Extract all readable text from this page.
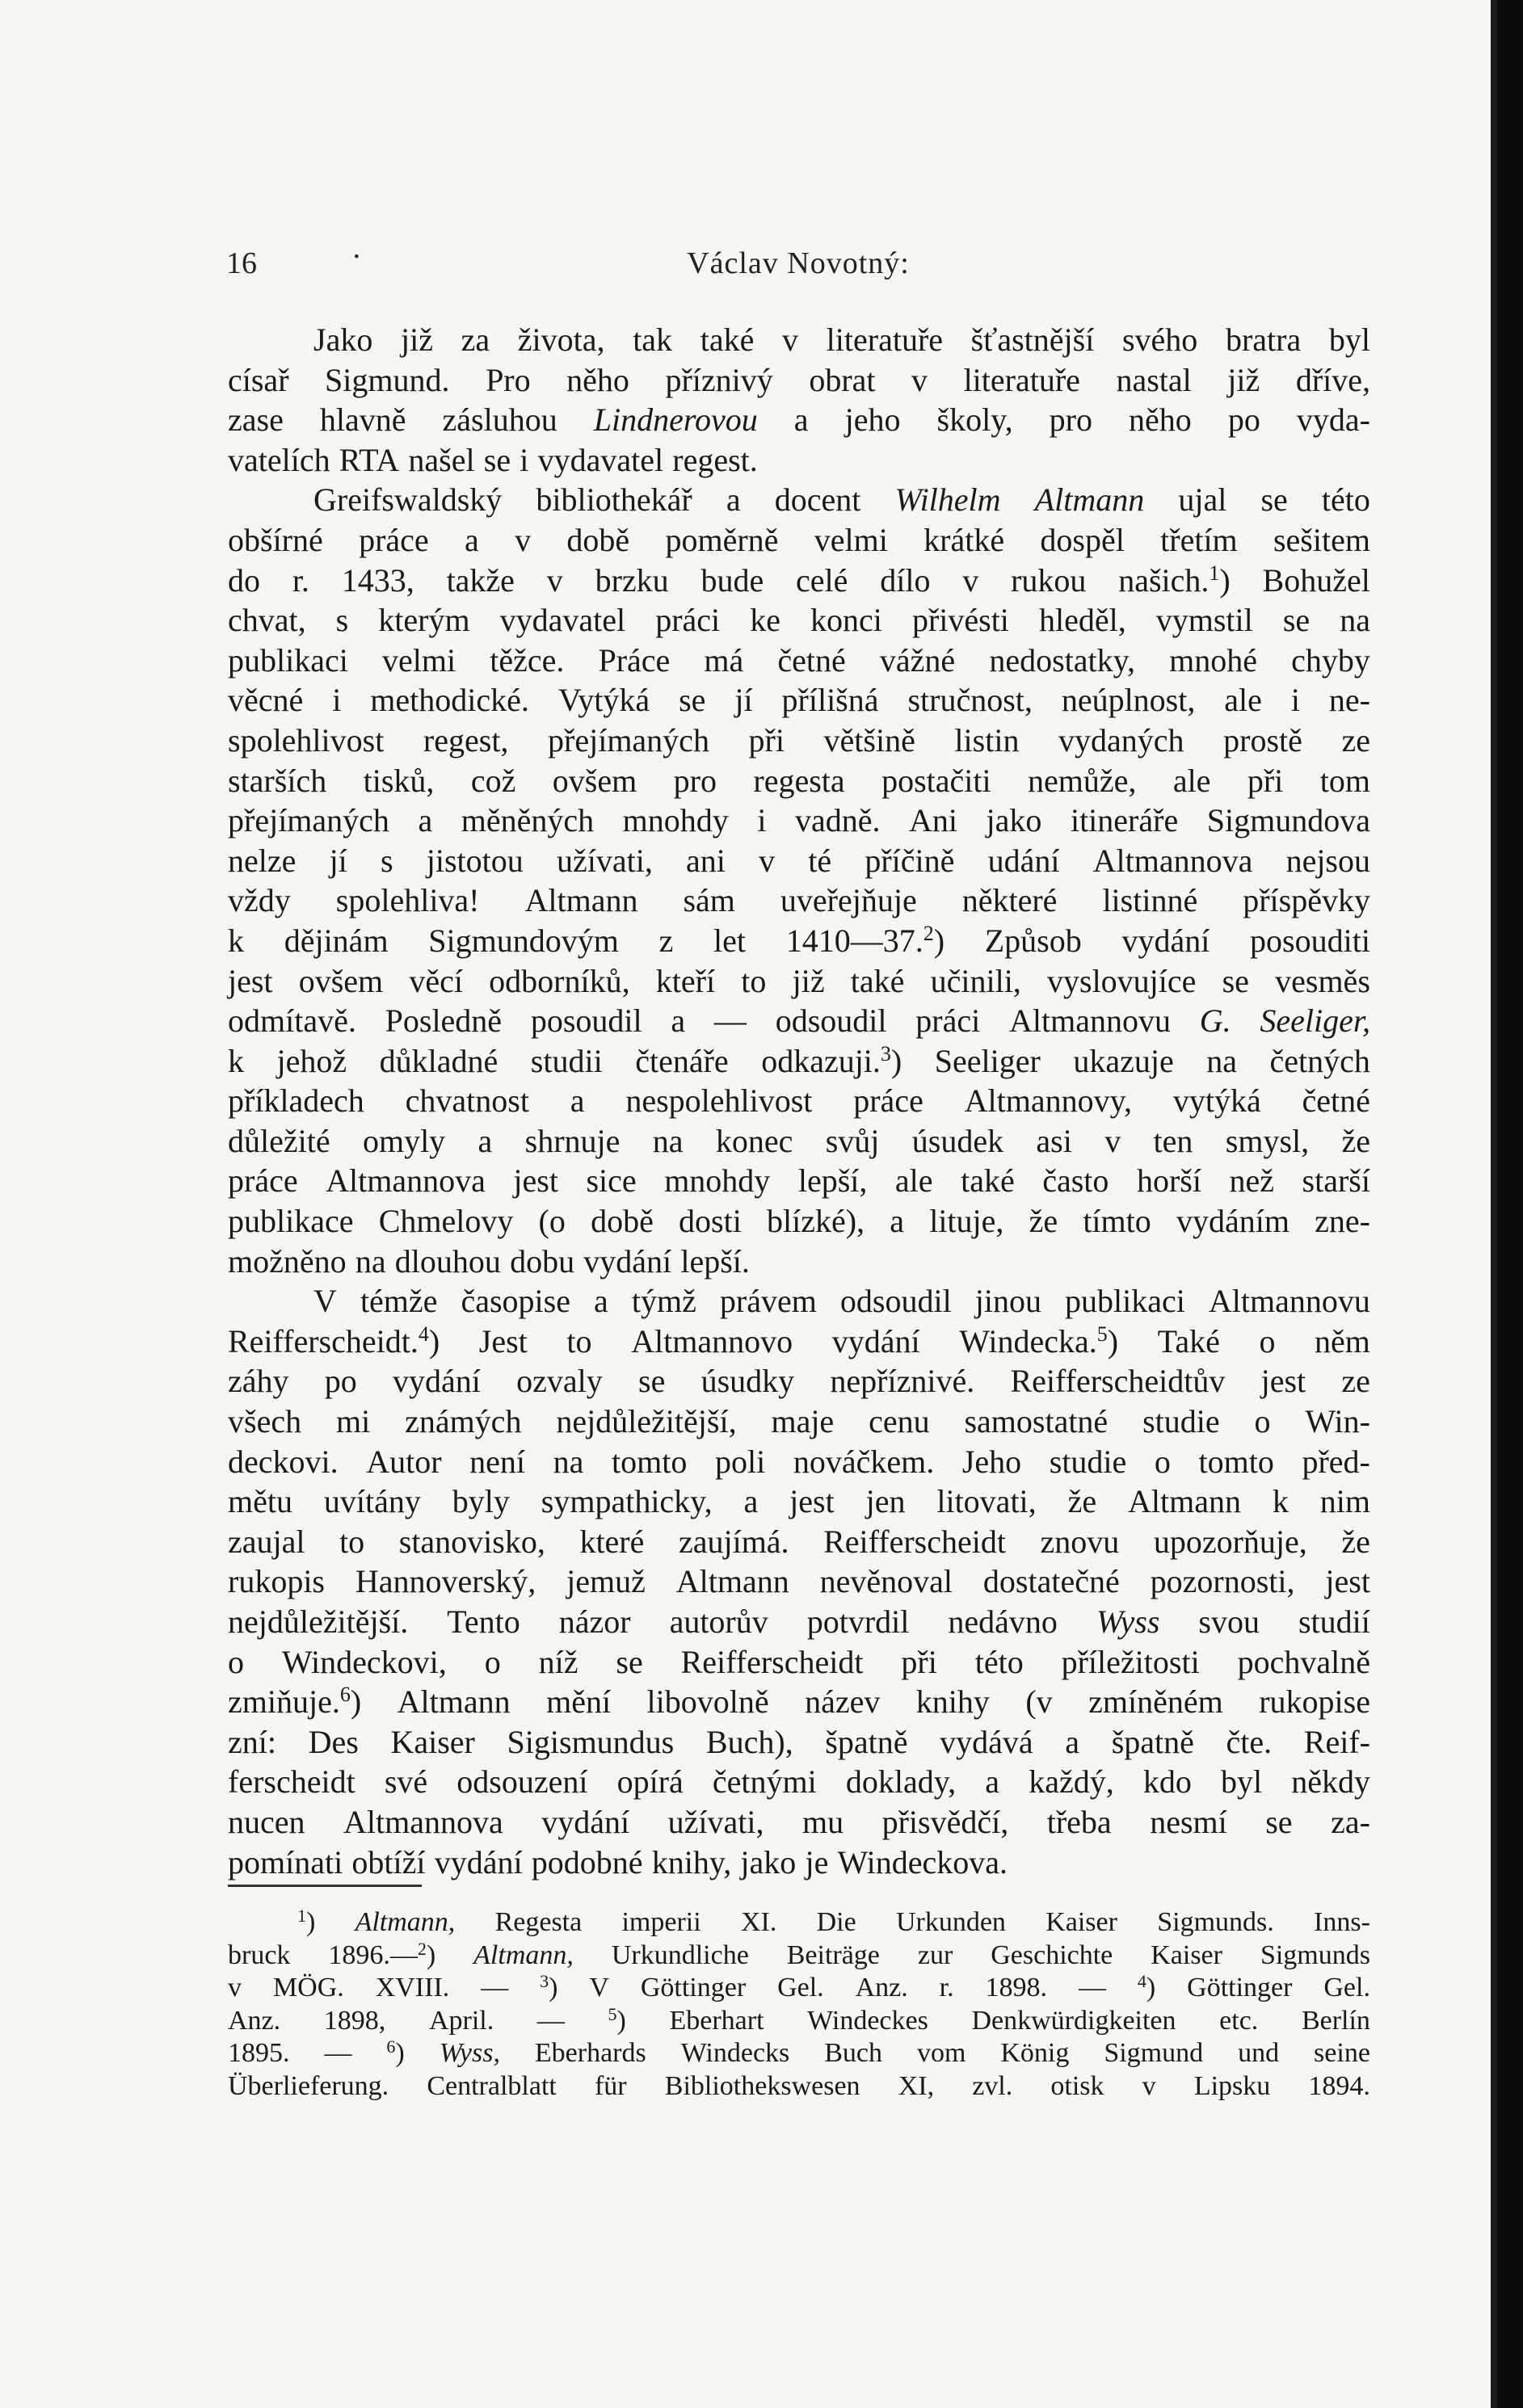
16	·	Václav Novotný:
Jako již za života, tak také v literatuře šťastnější svého bratra byl
císař Sigmund. Pro něho příznivý obrat v literatuře nastal již dříve,
zase hlavně zásluhou Lindnerovou a jeho školy, pro něho po vyda-
vatelích RTA našel se i vydavatel regest.
Greifswaldský bibliothekář a docent Wilhelm Altmann ujal se této
obšírné práce a v době poměrně velmi krátké dospěl třetím sešitem
do r. 1433, takže v brzku bude celé dílo v rukou našich.$^1$) Bohužel
chvat, s kterým vydavatel práci ke konci přivésti hleděl, vymstil se na
publikaci velmi těžce. Práce má četné vážné nedostatky, mnohé chyby
věcné i methodické. Vytýká se jí přílišná stručnost, neúplnost, ale i ne-
spolehlivost regest, přejímaných při většině listin vydaných prostě ze
starších tisků, což ovšem pro regesta postačiti nemůže, ale při tom
přejímaných a měněných mnohdy i vadně. Ani jako itineráře Sigmundova
nelze jí s jistotou užívati, ani v té příčině udání Altmannova nejsou
vždy spolehliva! Altmann sám uveřejňuje některé listinné příspěvky
k dějinám Sigmundovým z let 1410—37.$^2$) Způsob vydání posouditi
jest ovšem věcí odborníků, kteří to již také učinili, vyslovujíce se vesměs
odmítavě. Posledně posoudil a — odsoudil práci Altmannovu G. Seeliger,
k jehož důkladné studii čtenáře odkazuji.$^3$) Seeliger ukazuje na četných
příkladech chvatnost a nespolehlivost práce Altmannovy, vytýká četné
důležité omyly a shrnuje na konec svůj úsudek asi v ten smysl, že
práce Altmannova jest sice mnohdy lepší, ale také často horší než starší
publikace Chmelovy (o době dosti blízké), a lituje, že tímto vydáním zne-
možněno na dlouhou dobu vydání lepší.
V témže časopise a týmž právem odsoudil jinou publikaci Altmannovu
Reifferscheidt.$^4$) Jest to Altmannovo vydání Windecka.$^5$) Také o něm
záhy po vydání ozvaly se úsudky nepříznivé. Reifferscheidtův jest ze
všech mi známých nejdůležitější, maje cenu samostatné studie o Win-
deckovi. Autor není na tomto poli nováčkem. Jeho studie o tomto před-
mětu uvítány byly sympathicky, a jest jen litovati, že Altmann k nim
zaujal to stanovisko, které zaujímá. Reifferscheidt znovu upozorňuje, že
rukopis Hannoverský, jemuž Altmann nevěnoval dostatečné pozornosti, jest
nejdůležitější. Tento názor autorův potvrdil nedávno Wyss svou studií
o Windeckovi, o níž se Reifferscheidt při této příležitosti pochvalně
zmiňuje.$^6$) Altmann mění libovolně název knihy (v zmíněném rukopise
zní: Des Kaiser Sigismundus Buch), špatně vydává a špatně čte. Reif-
ferscheidt své odsouzení opírá četnými doklady, a každý, kdo byl někdy
nucen Altmannova vydání užívati, mu přisvědčí, třeba nesmí se za-
pomínati obtíží vydání podobné knihy, jako je Windeckova.
$^1$) Altmann, Regesta imperii XI. Die Urkunden Kaiser Sigmunds. Inns-
bruck 1896.—$^2$) Altmann, Urkundliche Beiträge zur Geschichte Kaiser Sigmunds
v MÖG. XVIII. — $^3$) V Göttinger Gel. Anz. r. 1898. — $^4$) Göttinger Gel.
Anz. 1898, April. — $^5$) Eberhart Windeckes Denkwürdigkeiten etc. Berlín
1895. — $^6$) Wyss, Eberhards Windecks Buch vom König Sigmund und seine
Überlieferung. Centralblatt für Bibliothekswesen XI, zvl. otisk v Lipsku 1894.
